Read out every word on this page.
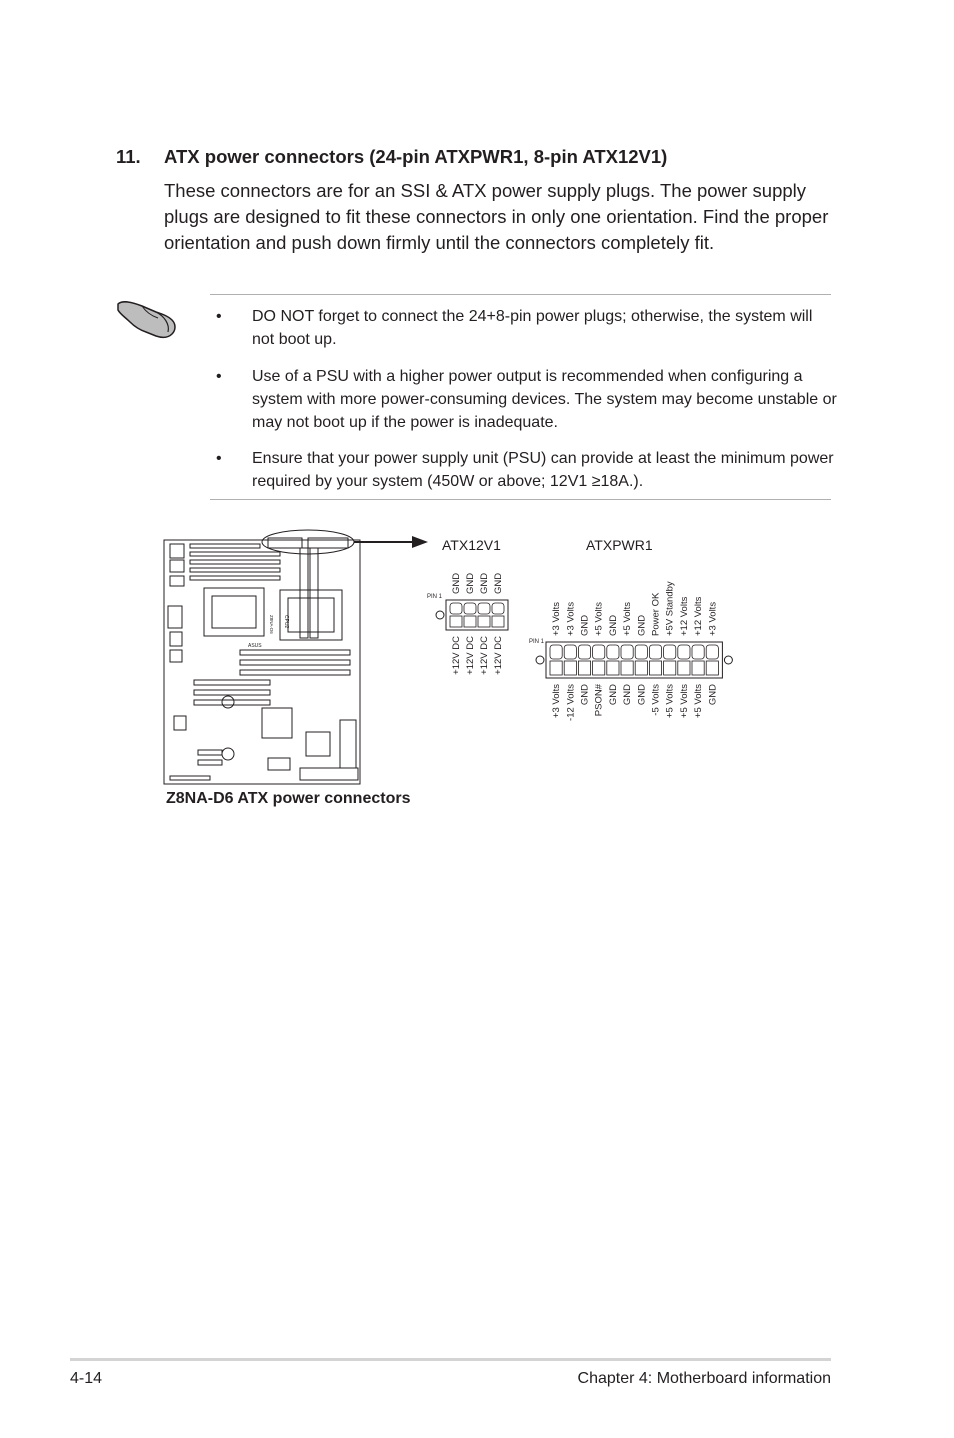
11. ATX power connectors (24-pin ATXPWR1, 8-pin ATX12V1)
These connectors are for an SSI & ATX power supply plugs. The power supply plugs are designed to fit these connectors in only one orientation. Find the proper orientation and push down firmly until the connectors completely fit.
• DO NOT forget to connect the 24+8-pin power plugs; otherwise, the system will not boot up.
• Use of a PSU with a higher power output is recommended when configuring a system with more power-consuming devices. The system may become unstable or may not boot up if the power is inadequate.
• Ensure that your power supply unit (PSU) can provide at least the minimum power required by your system (450W or above; 12V1 ≥18A.).
CPU2
ASUS
Z8NA-D6
ATX12V1
PIN 1
GND
+12V DC
GND
+12V DC
GND
+12V DC
GND
+12V DC
ATXPWR1
PIN 1
+3 Volts
+3 Volts
+3 Volts
-12 Volts
GND
GND
+5 Volts
PSON#
GND
GND
+5 Volts
GND
GND
GND
Power OK
-5 Volts
+5V Standby
+5 Volts
+12 Volts
+5 Volts
+12 Volts
+5 Volts
+3 Volts
GND
Z8NA-D6 ATX power connectors
4-14	Chapter 4: Motherboard information
